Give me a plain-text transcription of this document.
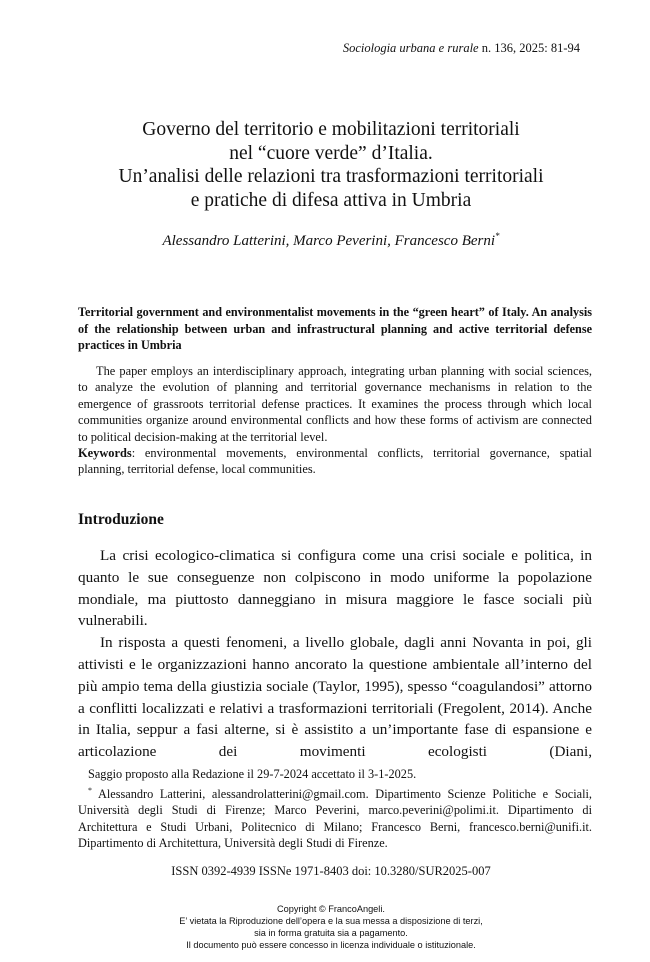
Sociologia urbana e rurale n. 136, 2025: 81-94
Governo del territorio e mobilitazioni territoriali
nel “cuore verde” d’Italia.
Un’analisi delle relazioni tra trasformazioni territoriali
e pratiche di difesa attiva in Umbria
Alessandro Latterini, Marco Peverini, Francesco Berni*
Territorial government and environmentalist movements in the “green heart” of Italy. An analysis of the relationship between urban and infrastructural planning and active territorial defense practices in Umbria

The paper employs an interdisciplinary approach, integrating urban planning with social sciences, to analyze the evolution of planning and territorial governance mechanisms in relation to the emergence of grassroots territorial defense practices. It examines the process through which local communities organize around environmental conflicts and how these forms of activism are connected to political decision-making at the territorial level.

Keywords: environmental movements, environmental conflicts, territorial governance, spatial planning, territorial defense, local communities.

Introduzione

La crisi ecologico-climatica si configura come una crisi sociale e politica, in quanto le sue conseguenze non colpiscono in modo uniforme la popolazione mondiale, ma piuttosto danneggiano in misura maggiore le fasce sociali più vulnerabili.

In risposta a questi fenomeni, a livello globale, dagli anni Novanta in poi, gli attivisti e le organizzazioni hanno ancorato la questione ambientale all’interno del più ampio tema della giustizia sociale (Taylor, 1995), spesso “coagulandosi” attorno a conflitti localizzati e relativi a trasformazioni territoriali (Fregolent, 2014). Anche in Italia, seppur a fasi alterne, si è assistito a un’importante fase di espansione e articolazione dei movimenti ecologisti (Diani,

Saggio proposto alla Redazione il 29-7-2024 accettato il 3-1-2025.

* Alessandro Latterini, alessandrolatterini@gmail.com. Dipartimento Scienze Politiche e Sociali, Università degli Studi di Firenze; Marco Peverini, marco.peverini@polimi.it. Dipartimento di Architettura e Studi Urbani, Politecnico di Milano; Francesco Berni, francesco.berni@unifi.it. Dipartimento di Architettura, Università degli Studi di Firenze.

ISSN 0392-4939 ISSNe 1971-8403 doi: 10.3280/SUR2025-007
Copyright © FrancoAngeli.
E’ vietata la Riproduzione dell’opera e la sua messa a disposizione di terzi,
sia in forma gratuita sia a pagamento.
Il documento può essere concesso in licenza individuale o istituzionale.
